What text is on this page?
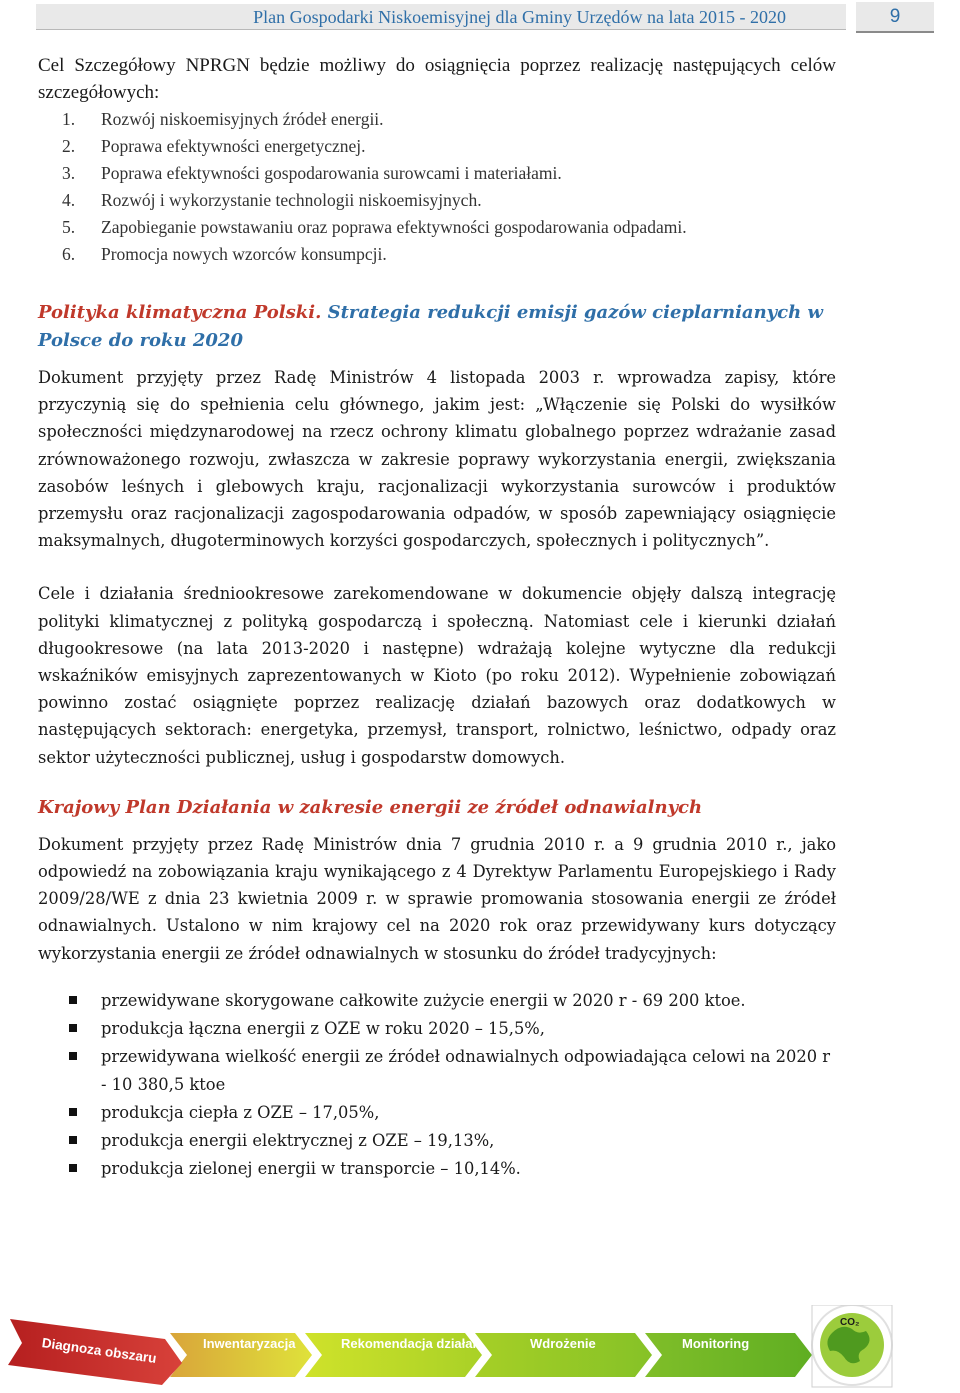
Plan Gospodarki Niskoemisyjnej dla Gminy Urzędów na lata 2015 - 2020	9

Cel Szczegółowy NPRGN będzie możliwy do osiągnięcia poprzez realizację następujących celów szczegółowych:

1.	Rozwój niskoemisyjnych źródeł energii.
2.	Poprawa efektywności energetycznej.
3.	Poprawa efektywności gospodarowania surowcami i materiałami.
4.	Rozwój i wykorzystanie technologii niskoemisyjnych.
5.	Zapobieganie powstawaniu oraz poprawa efektywności gospodarowania odpadami.
6.	Promocja nowych wzorców konsumpcji.

Polityka klimatyczna Polski. Strategia redukcji emisji gazów cieplarnianych w Polsce do roku 2020

Dokument przyjęty przez Radę Ministrów 4 listopada 2003 r. wprowadza zapisy, które przyczynią się do spełnienia celu głównego, jakim jest: „Włączenie się Polski do wysiłków społeczności międzynarodowej na rzecz ochrony klimatu globalnego poprzez wdrażanie zasad zrównoważonego rozwoju, zwłaszcza w zakresie poprawy wykorzystania energii, zwiększania zasobów leśnych i glebowych kraju, racjonalizacji wykorzystania surowców i produktów przemysłu oraz racjonalizacji zagospodarowania odpadów, w sposób zapewniający osiągnięcie maksymalnych, długoterminowych korzyści gospodarczych, społecznych i politycznych”.

Cele i działania średniookresowe zarekomendowane w dokumencie objęły dalszą integrację polityki klimatycznej z polityką gospodarczą i społeczną. Natomiast cele i kierunki działań długookresowe (na lata 2013-2020 i następne) wdrażają kolejne wytyczne dla redukcji wskaźników emisyjnych zaprezentowanych w Kioto (po roku 2012). Wypełnienie zobowiązań powinno zostać osiągnięte poprzez realizację działań bazowych oraz dodatkowych w następujących sektorach: energetyka, przemysł, transport, rolnictwo, leśnictwo, odpady oraz sektor użyteczności publicznej, usług i gospodarstw domowych.

Krajowy Plan Działania w zakresie energii ze źródeł odnawialnych

Dokument przyjęty przez Radę Ministrów dnia 7 grudnia 2010 r. a 9 grudnia 2010 r., jako odpowiedź na zobowiązania kraju wynikającego z 4 Dyrektyw Parlamentu Europejskiego i Rady 2009/28/WE z dnia 23 kwietnia 2009 r. w sprawie promowania stosowania energii ze źródeł odnawialnych. Ustalono w nim krajowy cel na 2020 rok oraz przewidywany kurs dotyczący wykorzystania energii ze źródeł odnawialnych w stosunku do źródeł tradycyjnych:

przewidywane skorygowane całkowite zużycie energii w 2020 r - 69 200 ktoe.
produkcja łączna energii z OZE w roku 2020 – 15,5%,
przewidywana wielkość energii ze źródeł odnawialnych odpowiadająca celowi na 2020 r - 10 380,5 ktoe
produkcja ciepła z OZE – 17,05%,
produkcja energii elektrycznej z OZE – 19,13%,
produkcja zielonej energii w transporcie – 10,14%.
CO₂
Diagnoza obszaru	Inwentaryzacja	Rekomendacja działań	Wdrożenie	Monitoring
